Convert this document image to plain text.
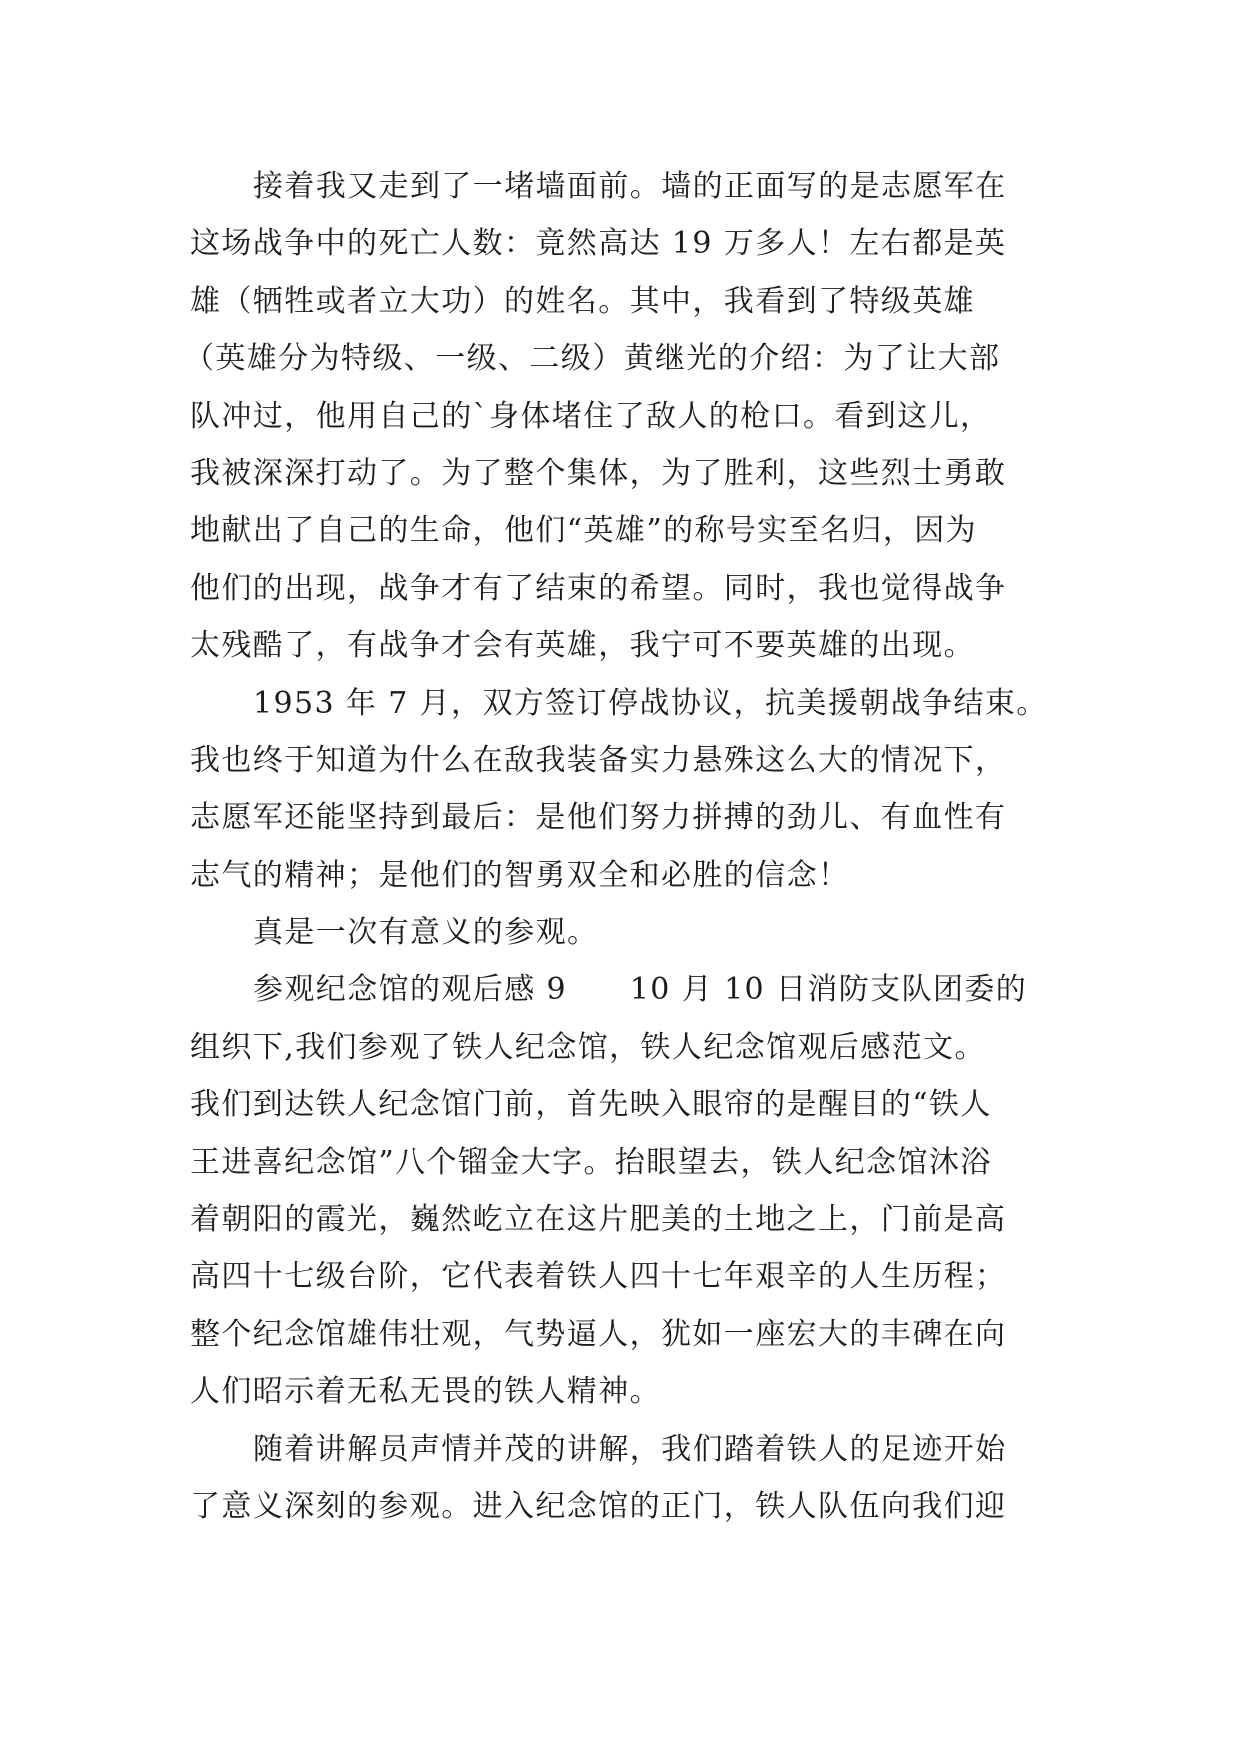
接着我又走到了一堵墙面前。墙的正面写的是志愿军在
这场战争中的死亡人数：竟然高达 19 万多人！左右都是英
雄（牺牲或者立大功）的姓名。其中，我看到了特级英雄
（英雄分为特级、一级、二级）黄继光的介绍：为了让大部
队冲过，他用自己的`身体堵住了敌人的枪口。看到这儿，
我被深深打动了。为了整个集体，为了胜利，这些烈士勇敢
地献出了自己的生命，他们“英雄”的称号实至名归，因为
他们的出现，战争才有了结束的希望。同时，我也觉得战争
太残酷了，有战争才会有英雄，我宁可不要英雄的出现。
1953 年 7 月，双方签订停战协议，抗美援朝战争结束。
我也终于知道为什么在敌我装备实力悬殊这么大的情况下，
志愿军还能坚持到最后：是他们努力拼搏的劲儿、有血性有
志气的精神；是他们的智勇双全和必胜的信念！
真是一次有意义的参观。
参观纪念馆的观后感 9　　10 月 10 日消防支队团委的
组织下,我们参观了铁人纪念馆，铁人纪念馆观后感范文。
我们到达铁人纪念馆门前，首先映入眼帘的是醒目的“铁人
王进喜纪念馆”八个镏金大字。抬眼望去，铁人纪念馆沐浴
着朝阳的霞光，巍然屹立在这片肥美的土地之上，门前是高
高四十七级台阶，它代表着铁人四十七年艰辛的人生历程；
整个纪念馆雄伟壮观，气势逼人，犹如一座宏大的丰碑在向
人们昭示着无私无畏的铁人精神。
随着讲解员声情并茂的讲解，我们踏着铁人的足迹开始
了意义深刻的参观。进入纪念馆的正门，铁人队伍向我们迎
